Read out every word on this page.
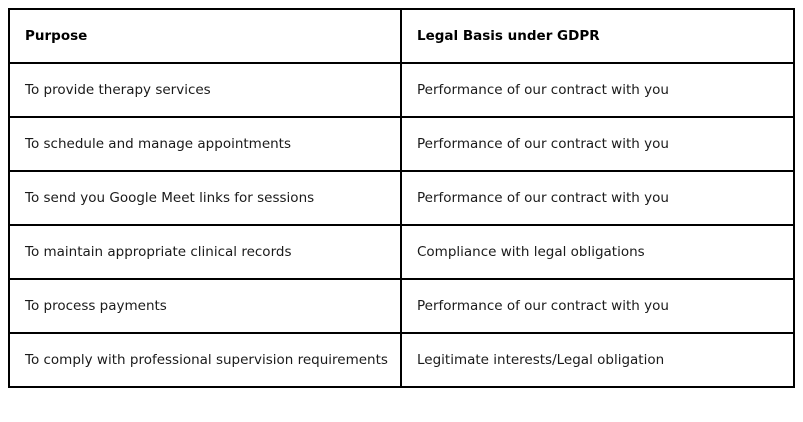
Purpose	Legal Basis under GDPR
To provide therapy services	Performance of our contract with you
To schedule and manage appointments	Performance of our contract with you
To send you Google Meet links for sessions	Performance of our contract with you
To maintain appropriate clinical records	Compliance with legal obligations
To process payments	Performance of our contract with you
To comply with professional supervision requirements	Legitimate interests/Legal obligation
